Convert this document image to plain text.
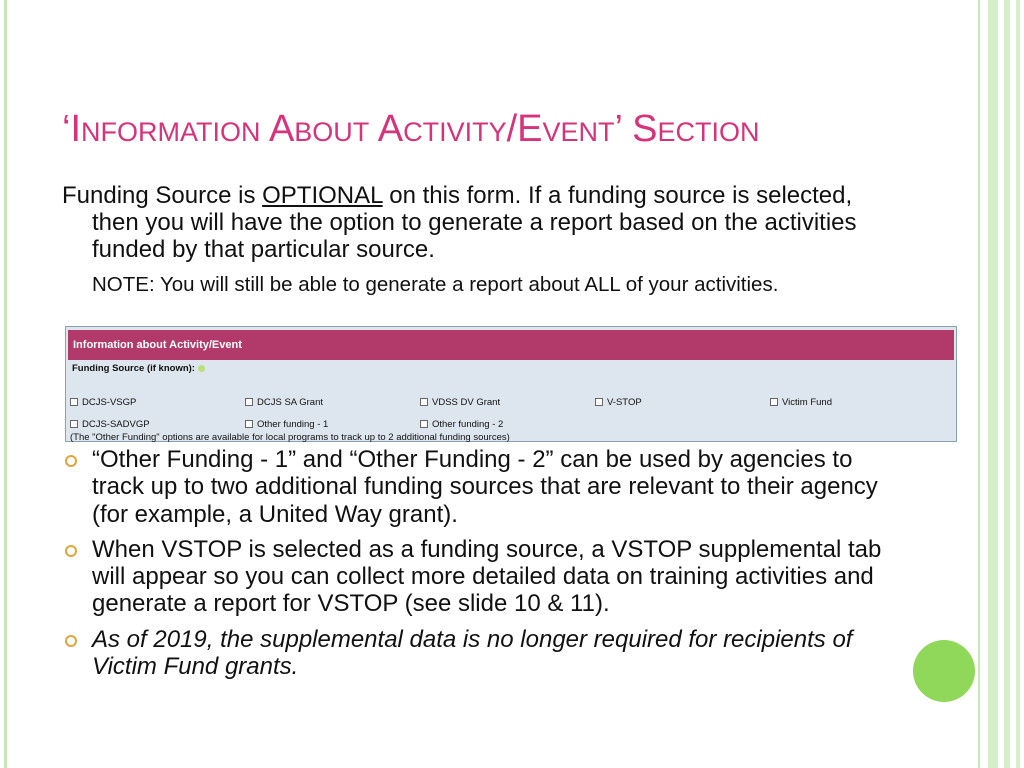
‘Information About Activity/Event’ Section

Funding Source is OPTIONAL on this form. If a funding source is selected, then you will have the option to generate a report based on the activities funded by that particular source.

NOTE: You will still be able to generate a report about ALL of your activities.

Information about Activity/Event
Funding Source (if known):
DCJS-VSGP	DCJS SA Grant	VDSS DV Grant	V-STOP	Victim Fund
DCJS-SADVGP	Other funding - 1	Other funding - 2
(The "Other Funding" options are available for local programs to track up to 2 additional funding sources)
“Other Funding - 1” and “Other Funding - 2” can be used by agencies to track up to two additional funding sources that are relevant to their agency (for example, a United Way grant).
When VSTOP is selected as a funding source, a VSTOP supplemental tab will appear so you can collect more detailed data on training activities and generate a report for VSTOP (see slide 10 & 11).
As of 2019, the supplemental data is no longer required for recipients of Victim Fund grants.
